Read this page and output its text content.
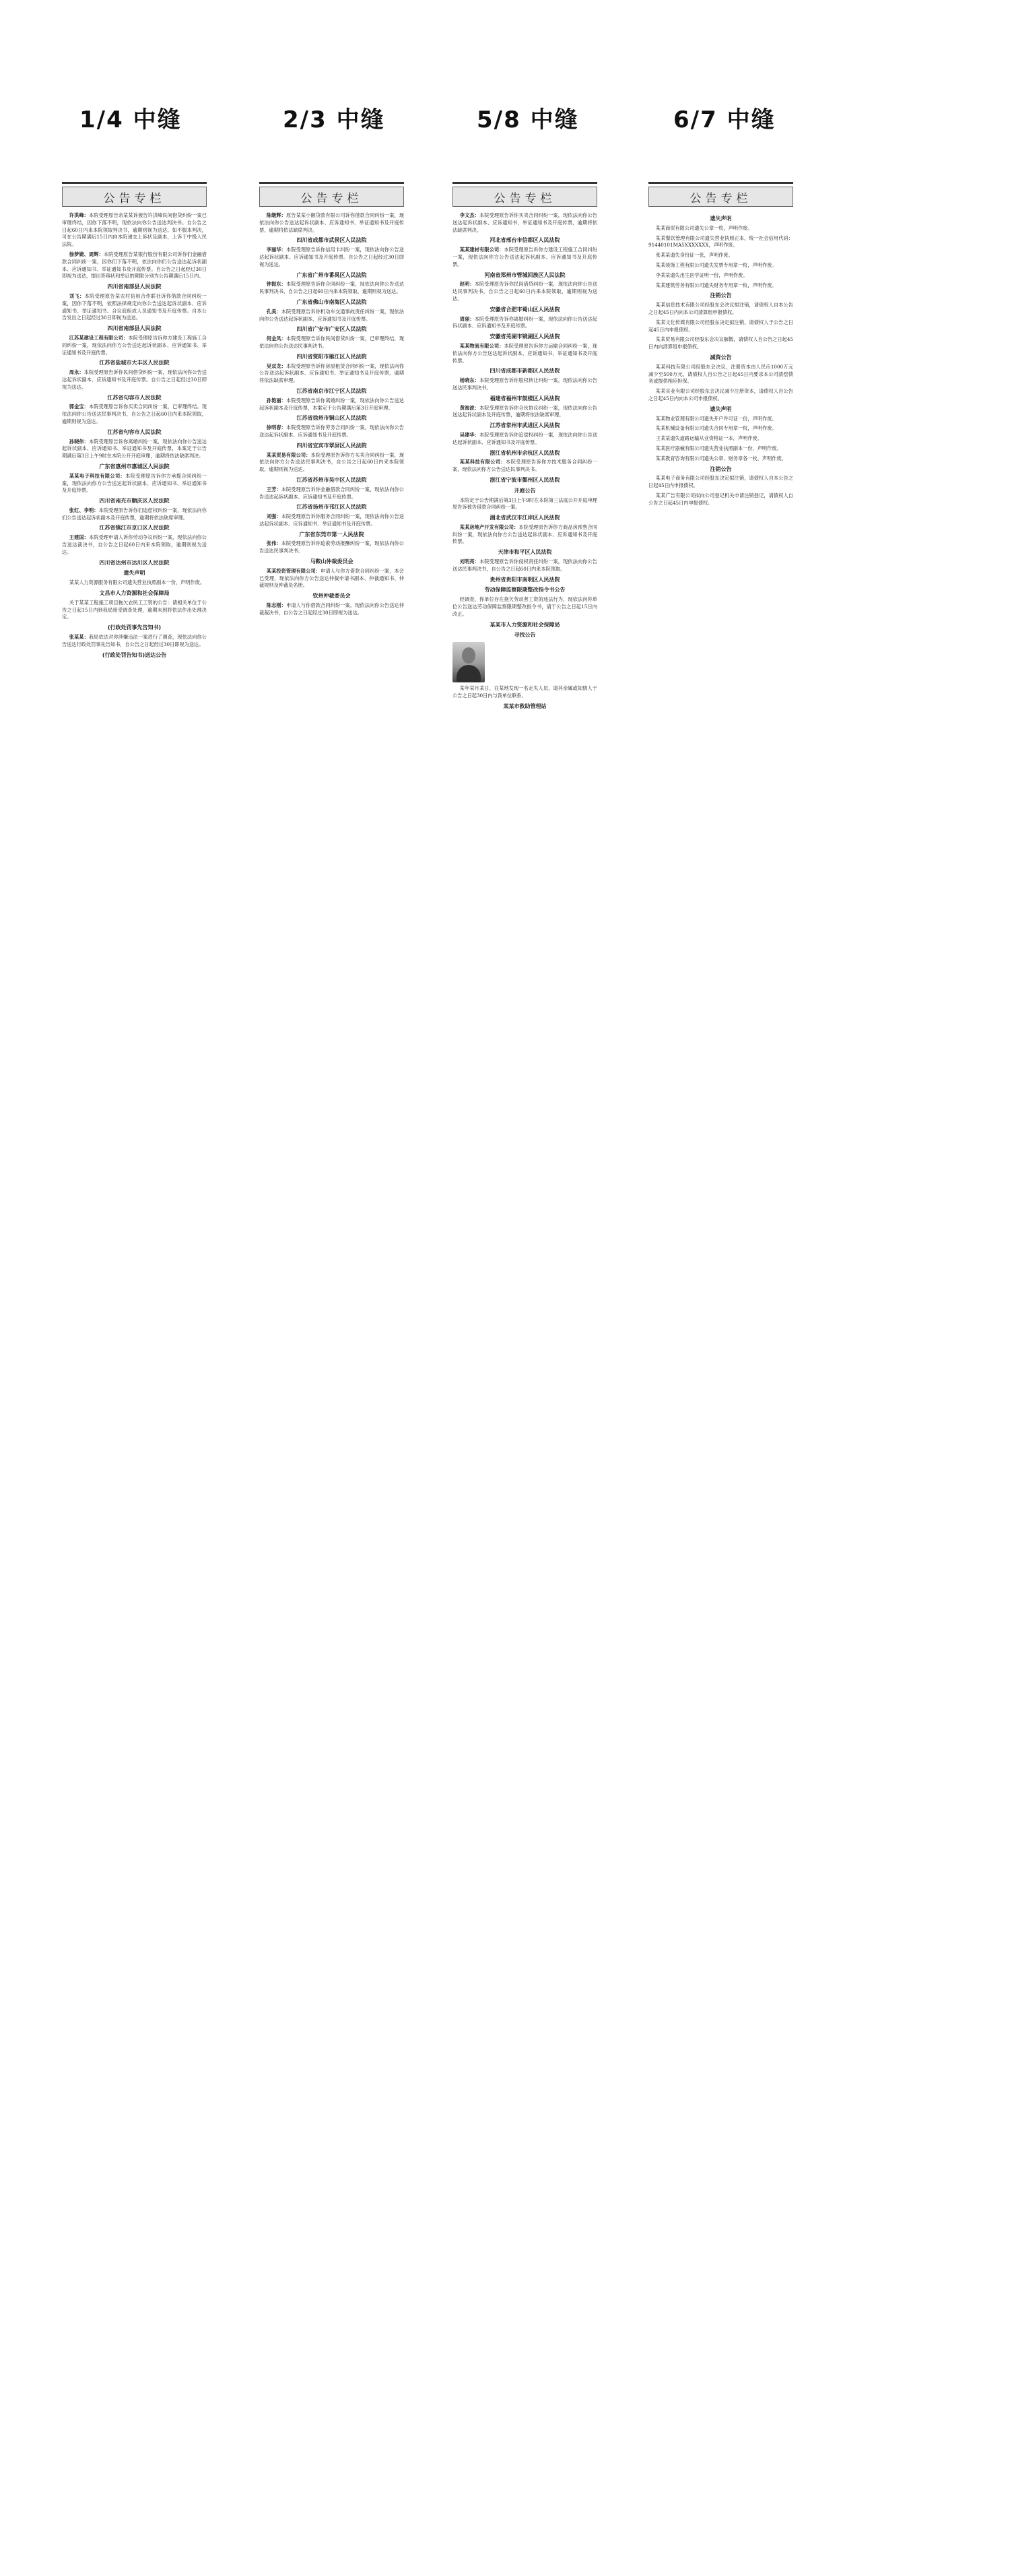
1/4 中缝	2/3 中缝	5/8 中缝	6/7 中缝
公告专栏

许洪峰：本院受理原告余某某诉被告许洪峰民间借贷纠纷一案已审理终结，因你下落不明，现依法向你公告送达判决书。自公告之日起60日内来本院领取判决书，逾期则视为送达。如不服本判决，可在公告期满后15日内向本院递交上诉状及副本，上诉于中级人民法院。

徐梦婕、周辉：本院受理原告某银行股份有限公司诉你们金融借款合同纠纷一案，因你们下落不明，依法向你们公告送达起诉状副本、应诉通知书、举证通知书及开庭传票。自公告之日起经过30日即视为送达，提出答辩状和举证的期限分别为公告期满后15日内。

四川省南部县人民法院

刘飞：本院受理原告某农村信用合作联社诉你借款合同纠纷一案，因你下落不明，依照法律规定向你公告送达起诉状副本、应诉通知书、举证通知书、合议庭组成人员通知书及开庭传票。自本公告发出之日起经过30日即视为送达。

四川省南部县人民法院

江苏某建设工程有限公司：本院受理原告诉你方建设工程施工合同纠纷一案，现依法向你方公告送达起诉状副本、应诉通知书、举证通知书及开庭传票。

江苏省盐城市大丰区人民法院

周永：本院受理原告诉你民间借贷纠纷一案，现依法向你公告送达起诉状副本、应诉通知书及开庭传票。自公告之日起经过30日即视为送达。

江苏省句容市人民法院

郭金宝：本院受理原告诉你买卖合同纠纷一案，已审理终结。现依法向你公告送达民事判决书，自公告之日起60日内来本院领取，逾期则视为送达。

江苏省句容市人民法院

孙晓伟：本院受理原告诉你离婚纠纷一案，现依法向你公告送达起诉状副本、应诉通知书、举证通知书及开庭传票，本案定于公告期满后第3日上午9时在本院公开开庭审理，逾期将依法缺席判决。

广东省惠州市惠城区人民法院

某某电子科技有限公司：本院受理原告诉你方承揽合同纠纷一案，现依法向你方公告送达起诉状副本、应诉通知书、举证通知书及开庭传票。

四川省南充市顺庆区人民法院

张红、李明：本院受理原告诉你们追偿权纠纷一案，现依法向你们公告送达起诉状副本及开庭传票，逾期将依法缺席审理。

江苏省镇江市京口区人民法院

王建国：本院受理申请人诉你劳动争议纠纷一案，现依法向你公告送达裁决书，自公告之日起60日内来本院领取，逾期则视为送达。

四川省达州市达川区人民法院

遗失声明

某某人力资源服务有限公司遗失营业执照副本一份，声明作废。

文昌市人力资源和社会保障局

关于某某工程施工项目拖欠农民工工资的公告：请相关单位于公告之日起15日内到我局接受调查处理，逾期未到将依法作出处理决定。

(行政处罚事先告知书)

张某某：我局依法对你涉嫌违法一案进行了调查，现依法向你公告送达行政处罚事先告知书，自公告之日起经过30日即视为送达。

(行政处罚告知书)送达公告

公告专栏

陈继辉：原告某某小额贷款有限公司诉你借款合同纠纷一案，现依法向你公告送达起诉状副本、应诉通知书、举证通知书及开庭传票，逾期将依法缺席判决。

四川省成都市武侯区人民法院

李丽华：本院受理原告诉你信用卡纠纷一案，现依法向你公告送达起诉状副本、应诉通知书及开庭传票。自公告之日起经过30日即视为送达。

广东省广州市番禺区人民法院

钟振东：本院受理原告诉你合同纠纷一案，现依法向你公告送达民事判决书，自公告之日起60日内来本院领取，逾期则视为送达。

广东省佛山市南海区人民法院

孔美：本院受理原告诉你机动车交通事故责任纠纷一案，现依法向你公告送达起诉状副本、应诉通知书及开庭传票。

四川省广安市广安区人民法院

何金凤：本院受理原告诉你民间借贷纠纷一案，已审理终结，现依法向你公告送达民事判决书。

四川省资阳市雁江区人民法院

吴双龙：本院受理原告诉你房屋租赁合同纠纷一案，现依法向你公告送达起诉状副本、应诉通知书、举证通知书及开庭传票，逾期将依法缺席审理。

江苏省南京市江宁区人民法院

孙艳丽：本院受理原告诉你离婚纠纷一案，现依法向你公告送达起诉状副本及开庭传票，本案定于公告期满后第3日开庭审理。

江苏省徐州市铜山区人民法院

徐明春：本院受理原告诉你劳务合同纠纷一案，现依法向你公告送达起诉状副本、应诉通知书及开庭传票。

四川省宜宾市翠屏区人民法院

某某贸易有限公司：本院受理原告诉你方买卖合同纠纷一案，现依法向你方公告送达民事判决书，自公告之日起60日内来本院领取，逾期则视为送达。

江苏省苏州市吴中区人民法院

王芳：本院受理原告诉你金融借款合同纠纷一案，现依法向你公告送达起诉状副本、应诉通知书及开庭传票。

江苏省扬州市邗江区人民法院

刘强：本院受理原告诉你服务合同纠纷一案，现依法向你公告送达起诉状副本、应诉通知书、举证通知书及开庭传票。

广东省东莞市第一人民法院

张伟：本院受理原告诉你追索劳动报酬纠纷一案，现依法向你公告送达民事判决书。

马鞍山仲裁委员会

某某投资管理有限公司：申请人与你方借款合同纠纷一案，本会已受理，现依法向你方公告送达仲裁申请书副本、仲裁通知书、仲裁规则及仲裁员名册。

钦州仲裁委员会

陈志刚：申请人与你借款合同纠纷一案，现依法向你公告送达仲裁裁决书，自公告之日起经过30日即视为送达。

公告专栏

李文杰：本院受理原告诉你买卖合同纠纷一案，现依法向你公告送达起诉状副本、应诉通知书、举证通知书及开庭传票，逾期将依法缺席判决。

河北省邢台市信都区人民法院

某某建材有限公司：本院受理原告诉你方建设工程施工合同纠纷一案，现依法向你方公告送达起诉状副本、应诉通知书及开庭传票。

河南省郑州市管城回族区人民法院

赵明：本院受理原告诉你民间借贷纠纷一案，现依法向你公告送达民事判决书，自公告之日起60日内来本院领取，逾期则视为送达。

安徽省合肥市蜀山区人民法院

周丽：本院受理原告诉你离婚纠纷一案，现依法向你公告送达起诉状副本、应诉通知书及开庭传票。

安徽省芜湖市镜湖区人民法院

某某物流有限公司：本院受理原告诉你方运输合同纠纷一案，现依法向你方公告送达起诉状副本、应诉通知书、举证通知书及开庭传票。

四川省成都市新都区人民法院

杨晓东：本院受理原告诉你股权转让纠纷一案，现依法向你公告送达民事判决书。

福建省福州市鼓楼区人民法院

黄海波：本院受理原告诉你合伙协议纠纷一案，现依法向你公告送达起诉状副本及开庭传票，逾期将依法缺席审理。

江苏省常州市武进区人民法院

吴建华：本院受理原告诉你追偿权纠纷一案，现依法向你公告送达起诉状副本、应诉通知书及开庭传票。

浙江省杭州市余杭区人民法院

某某科技有限公司：本院受理原告诉你方技术服务合同纠纷一案，现依法向你方公告送达民事判决书。

浙江省宁波市鄞州区人民法院

开庭公告

本院定于公告期满后第3日上午9时在本院第三法庭公开开庭审理原告诉被告借款合同纠纷一案。

湖北省武汉市江岸区人民法院

某某房地产开发有限公司：本院受理原告诉你方商品房预售合同纠纷一案，现依法向你方公告送达起诉状副本、应诉通知书及开庭传票。

天津市和平区人民法院

刘明亮：本院受理原告诉你侵权责任纠纷一案，现依法向你公告送达民事判决书，自公告之日起60日内来本院领取。

贵州省贵阳市南明区人民法院

劳动保障监察限期整改指令书公告

经调查，你单位存在拖欠劳动者工资的违法行为，现依法向你单位公告送达劳动保障监察限期整改指令书，请于公告之日起15日内改正。

某某市人力资源和社会保障局

寻找公告

某年某月某日，在某地发现一名走失人员，请其亲属或知情人于公告之日起30日内与我单位联系。

某某市救助管理站

公告专栏

遗失声明

某某商贸有限公司遗失公章一枚，声明作废。

某某餐饮管理有限公司遗失营业执照正本，统一社会信用代码：91440101MA5XXXXXXX，声明作废。

张某某遗失身份证一张，声明作废。

某某装饰工程有限公司遗失发票专用章一枚，声明作废。

李某某遗失出生医学证明一份，声明作废。

某某建筑劳务有限公司遗失财务专用章一枚，声明作废。

注销公告

某某信息技术有限公司经股东会决议拟注销，请债权人自本公告之日起45日内向本公司清算组申报债权。

某某文化传媒有限公司经股东决定拟注销，请债权人于公告之日起45日内申报债权。

某某贸易有限公司经股东会决议解散，请债权人自公告之日起45日内向清算组申报债权。

减资公告

某某科技有限公司经股东会决议，注册资本由人民币1000万元减少至500万元，请债权人自公告之日起45日内要求本公司清偿债务或提供相应担保。

某某实业有限公司经股东会决议减少注册资本，请债权人自公告之日起45日内向本公司申报债权。

遗失声明

某某物业管理有限公司遗失开户许可证一份，声明作废。

某某机械设备有限公司遗失合同专用章一枚，声明作废。

王某某遗失道路运输从业资格证一本，声明作废。

某某医疗器械有限公司遗失营业执照副本一份，声明作废。

某某教育咨询有限公司遗失公章、财务章各一枚，声明作废。

注销公告

某某电子商务有限公司经股东决定拟注销，请债权人自本公告之日起45日内申报债权。

某某广告有限公司拟向公司登记机关申请注销登记，请债权人自公告之日起45日内申报债权。
